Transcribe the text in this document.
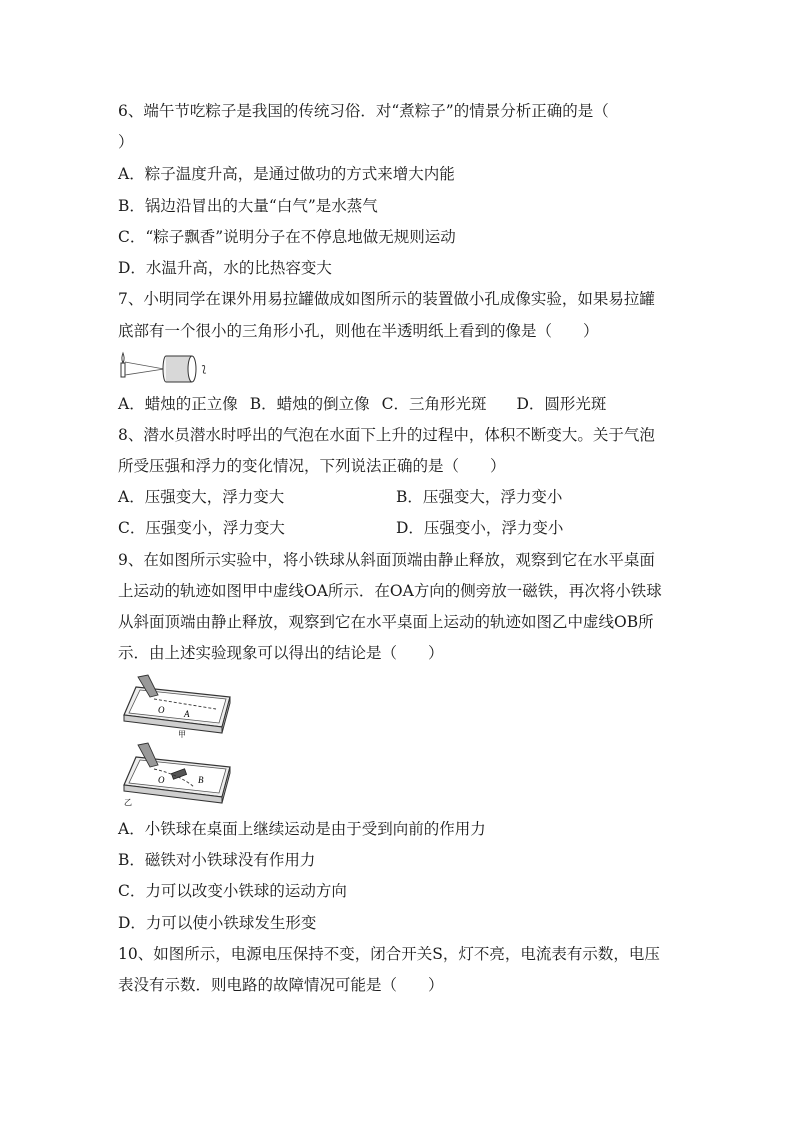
6、端午节吃粽子是我国的传统习俗．对“煮粽子”的情景分析正确的是（
）
A．粽子温度升高，是通过做功的方式来增大内能
B．锅边沿冒出的大量“白气”是水蒸气
C．“粽子飘香”说明分子在不停息地做无规则运动
D．水温升高，水的比热容变大
7、小明同学在课外用易拉罐做成如图所示的装置做小孔成像实验，如果易拉罐
底部有一个很小的三角形小孔，则他在半透明纸上看到的像是（　　）
A．蜡烛的正立像 B．蜡烛的倒立像 C．三角形光斑 D．圆形光斑
8、潜水员潜水时呼出的气泡在水面下上升的过程中，体积不断变大。关于气泡
所受压强和浮力的变化情况，下列说法正确的是（　　）
A．压强变大，浮力变大	B．压强变大，浮力变小
C．压强变小，浮力变大	D．压强变小，浮力变小
9、在如图所示实验中，将小铁球从斜面顶端由静止释放，观察到它在水平桌面
上运动的轨迹如图甲中虚线OA所示．在OA方向的侧旁放一磁铁，再次将小铁球
从斜面顶端由静止释放，观察到它在水平桌面上运动的轨迹如图乙中虚线OB所
示．由上述实验现象可以得出的结论是（　　）
O A
甲
O	B
乙
A．小铁球在桌面上继续运动是由于受到向前的作用力
B．磁铁对小铁球没有作用力
C．力可以改变小铁球的运动方向
D．力可以使小铁球发生形变
10、如图所示，电源电压保持不变，闭合开关S，灯不亮，电流表有示数，电压
表没有示数．则电路的故障情况可能是（　　）
